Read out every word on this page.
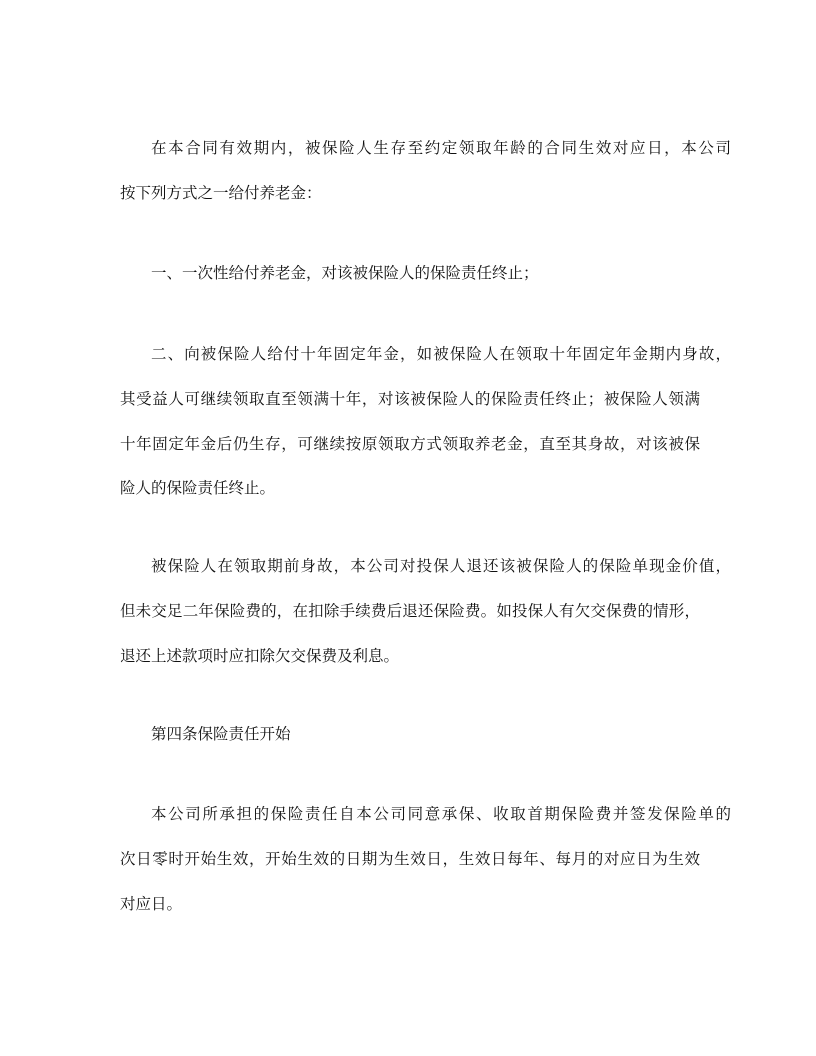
在本合同有效期内，被保险人生存至约定领取年龄的合同生效对应日，本公司
按下列方式之一给付养老金：
一、一次性给付养老金，对该被保险人的保险责任终止；
二、向被保险人给付十年固定年金，如被保险人在领取十年固定年金期内身故，
其受益人可继续领取直至领满十年，对该被保险人的保险责任终止；被保险人领满
十年固定年金后仍生存，可继续按原领取方式领取养老金，直至其身故，对该被保
险人的保险责任终止。
被保险人在领取期前身故，本公司对投保人退还该被保险人的保险单现金价值，
但未交足二年保险费的，在扣除手续费后退还保险费。如投保人有欠交保费的情形，
退还上述款项时应扣除欠交保费及利息。
第四条保险责任开始
本公司所承担的保险责任自本公司同意承保、收取首期保险费并签发保险单的
次日零时开始生效，开始生效的日期为生效日，生效日每年、每月的对应日为生效
对应日。
